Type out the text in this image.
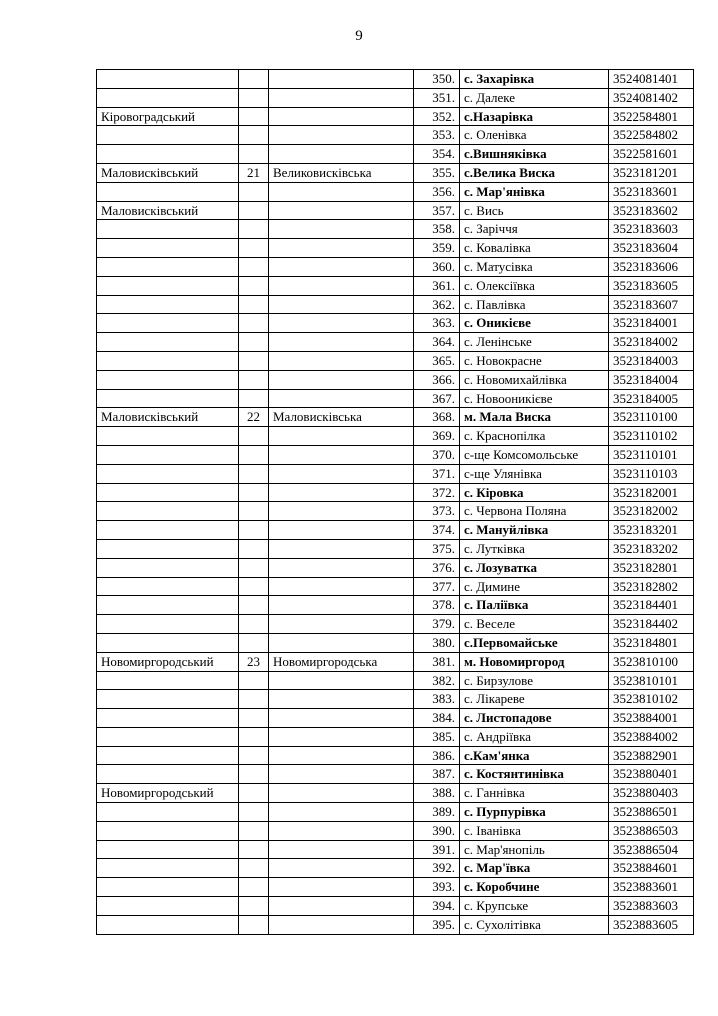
9
			350.	с. Захарівка	3524081401
			351.	с. Далеке	3524081402
Кіровоградський			352.	с.Назарівка	3522584801
			353.	с. Оленівка	3522584802
			354.	с.Вишняківка	3522581601
Маловисківський	21	Великовисківська	355.	с.Велика Виска	3523181201
			356.	с. Мар'янівка	3523183601
Маловисківський			357.	с. Вись	3523183602
			358.	с. Заріччя	3523183603
			359.	с. Ковалівка	3523183604
			360.	с. Матусівка	3523183606
			361.	с. Олексіївка	3523183605
			362.	с. Павлівка	3523183607
			363.	с. Оникієве	3523184001
			364.	с. Ленінське	3523184002
			365.	с. Новокрасне	3523184003
			366.	с. Новомихайлівка	3523184004
			367.	с. Новооникієве	3523184005
Маловисківський	22	Маловисківська	368.	м. Мала Виска	3523110100
			369.	с. Краснопілка	3523110102
			370.	с-ще Комсомольське	3523110101
			371.	с-ще Улянівка	3523110103
			372.	с. Кіровка	3523182001
			373.	с. Червона Поляна	3523182002
			374.	с. Мануйлівка	3523183201
			375.	с. Лутківка	3523183202
			376.	с. Лозуватка	3523182801
			377.	с. Димине	3523182802
			378.	с. Паліївка	3523184401
			379.	с. Веселе	3523184402
			380.	с.Первомайське	3523184801
Новомиргородський	23	Новомиргородська	381.	м. Новомиргород	3523810100
			382.	с. Бирзулове	3523810101
			383.	с. Лікареве	3523810102
			384.	с. Листопадове	3523884001
			385.	с. Андріївка	3523884002
			386.	с.Кам'янка	3523882901
			387.	с. Костянтинівка	3523880401
Новомиргородський			388.	с. Ганнівка	3523880403
			389.	с. Пурпурівка	3523886501
			390.	с. Іванівка	3523886503
			391.	с. Мар'янопіль	3523886504
			392.	с. Мар'ївка	3523884601
			393.	с. Коробчине	3523883601
			394.	с. Крупське	3523883603
			395.	с. Сухолітівка	3523883605
